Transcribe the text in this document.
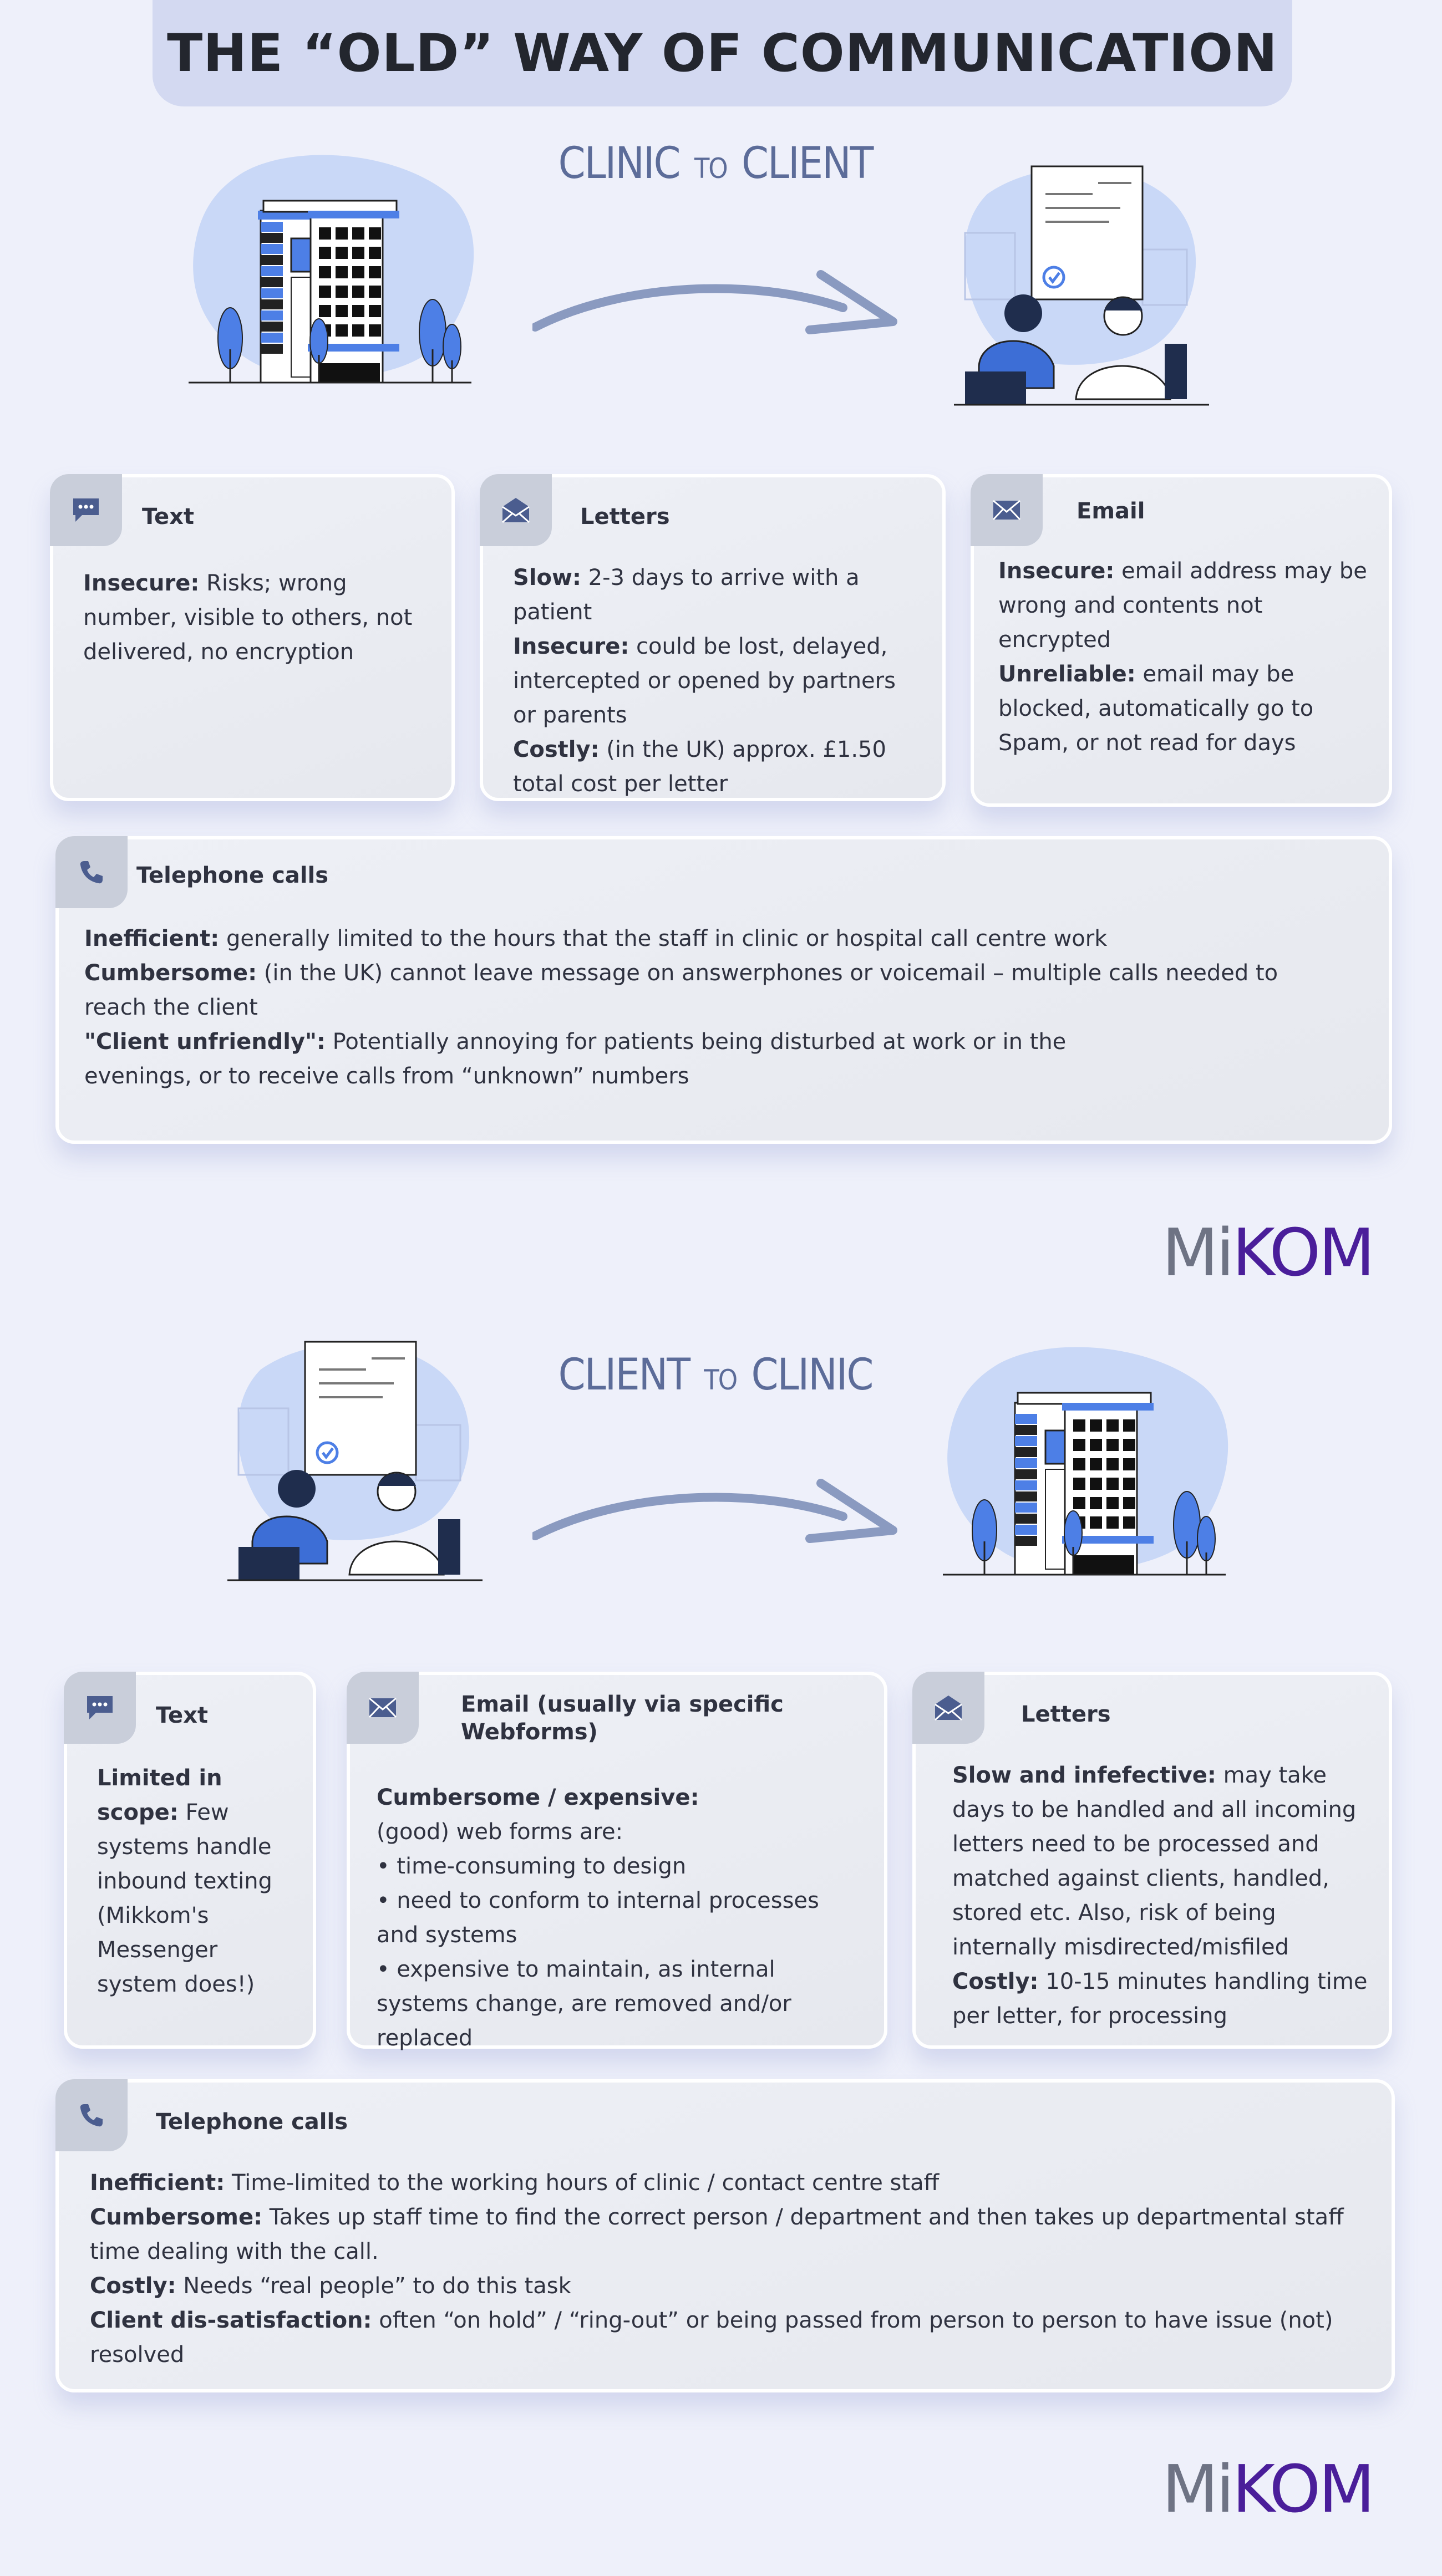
THE “OLD” WAY OF COMMUNICATION
CLINIC TO CLIENT
Text

Insecure: Risks; wrong number, visible to others, not delivered, no encryption

Letters

Slow: 2-3 days to arrive with a patient

Insecure: could be lost, delayed, intercepted or opened by partners or parents

Costly: (in the UK) approx. £1.50 total cost per letter

Email

Insecure: email address may be wrong and contents not encrypted

Unreliable: email may be blocked, automatically go to Spam, or not read for days

Telephone calls

Inefficient: generally limited to the hours that the staff in clinic or hospital call centre work

Cumbersome: (in the UK) cannot leave message on answerphones or voicemail – multiple calls needed to reach the client

"Client unfriendly": Potentially annoying for patients being disturbed at work or in the evenings, or to receive calls from “unknown” numbers

MiKOM
CLIENT TO CLINIC
Text

Limited in scope: Few systems handle inbound texting (Mikkom's Messenger system does!)

Email (usually via specific Webforms)

Cumbersome / expensive:

(good) web forms are:

• time-consuming to design

• need to conform to internal processes and systems

• expensive to maintain, as internal systems change, are removed and/or replaced

Letters

Slow and infefective: may take days to be handled and all incoming letters need to be processed and matched against clients, handled, stored etc. Also, risk of being internally misdirected/misfiled

Costly: 10-15 minutes handling time per letter, for processing

Telephone calls

Inefficient: Time-limited to the working hours of clinic / contact centre staff

Cumbersome: Takes up staff time to find the correct person / department and then takes up departmental staff time dealing with the call.

Costly: Needs “real people” to do this task

Client dis-satisfaction: often “on hold” / “ring-out” or being passed from person to person to have issue (not) resolved

MiKOM
